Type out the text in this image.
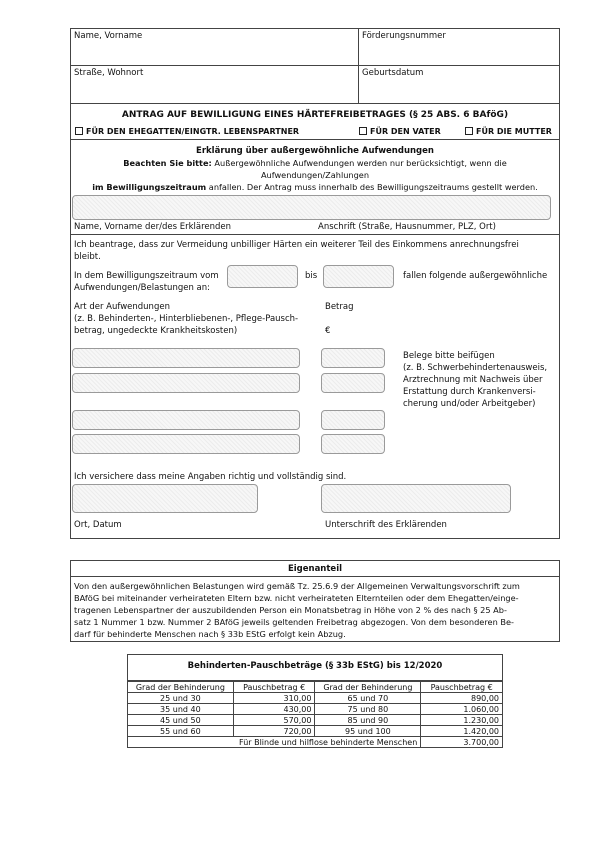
Name, Vorname	Förderungsnummer
Straße, Wohnort	Geburtsdatum
ANTRAG AUF BEWILLIGUNG EINES HÄRTEFREIBETRAGES (§ 25 ABS. 6 BAföG)
FÜR DEN EHEGATTEN/EINGTR. LEBENSPARTNER	FÜR DEN VATER	FÜR DIE MUTTER
Erklärung über außergewöhnliche Aufwendungen
Beachten Sie bitte: Außergewöhnliche Aufwendungen werden nur berücksichtigt, wenn die
Aufwendungen/Zahlungen
im Bewilligungszeitraum anfallen. Der Antrag muss innerhalb des Bewilligungszeitraums gestellt werden.
Name, Vorname der/des Erklärenden	Anschrift (Straße, Hausnummer, PLZ, Ort)
Ich beantrage, dass zur Vermeidung unbilliger Härten ein weiterer Teil des Einkommens anrechnungsfrei
bleibt.
In dem Bewilligungszeitraum vom
Aufwendungen/Belastungen an:
bis	fallen folgende außergewöhnliche
Art der Aufwendungen
(z. B. Behinderten-, Hinterbliebenen-, Pflege-Pausch-
betrag, ungedeckte Krankheitskosten)
Betrag
€
Belege bitte beifügen
(z. B. Schwerbehindertenausweis,
Arztrechnung mit Nachweis über
Erstattung durch Krankenversi-
cherung und/oder Arbeitgeber)
Ich versichere dass meine Angaben richtig und vollständig sind.
Ort, Datum	Unterschrift des Erklärenden
Eigenanteil
Von den außergewöhnlichen Belastungen wird gemäß Tz. 25.6.9 der Allgemeinen Verwaltungsvorschrift zum
BAföG bei miteinander verheirateten Eltern bzw. nicht verheirateten Elternteilen oder dem Ehegatten/einge-
tragenen Lebenspartner der auszubildenden Person ein Monatsbetrag in Höhe von 2 % des nach § 25 Ab-
satz 1 Nummer 1 bzw. Nummer 2 BAföG jeweils geltenden Freibetrag abgezogen. Von dem besonderen Be-
darf für behinderte Menschen nach § 33b EStG erfolgt kein Abzug.
Behinderten-Pauschbeträge (§ 33b EStG) bis 12/2020
Grad der Behinderung	Pauschbetrag €	Grad der Behinderung	Pauschbetrag €
25 und 30	310,00	65 und 70	890,00
35 und 40	430,00	75 und 80	1.060,00
45 und 50	570,00	85 und 90	1.230,00
55 und 60	720,00	95 und 100	1.420,00
Für Blinde und hilflose behinderte Menschen			3.700,00
